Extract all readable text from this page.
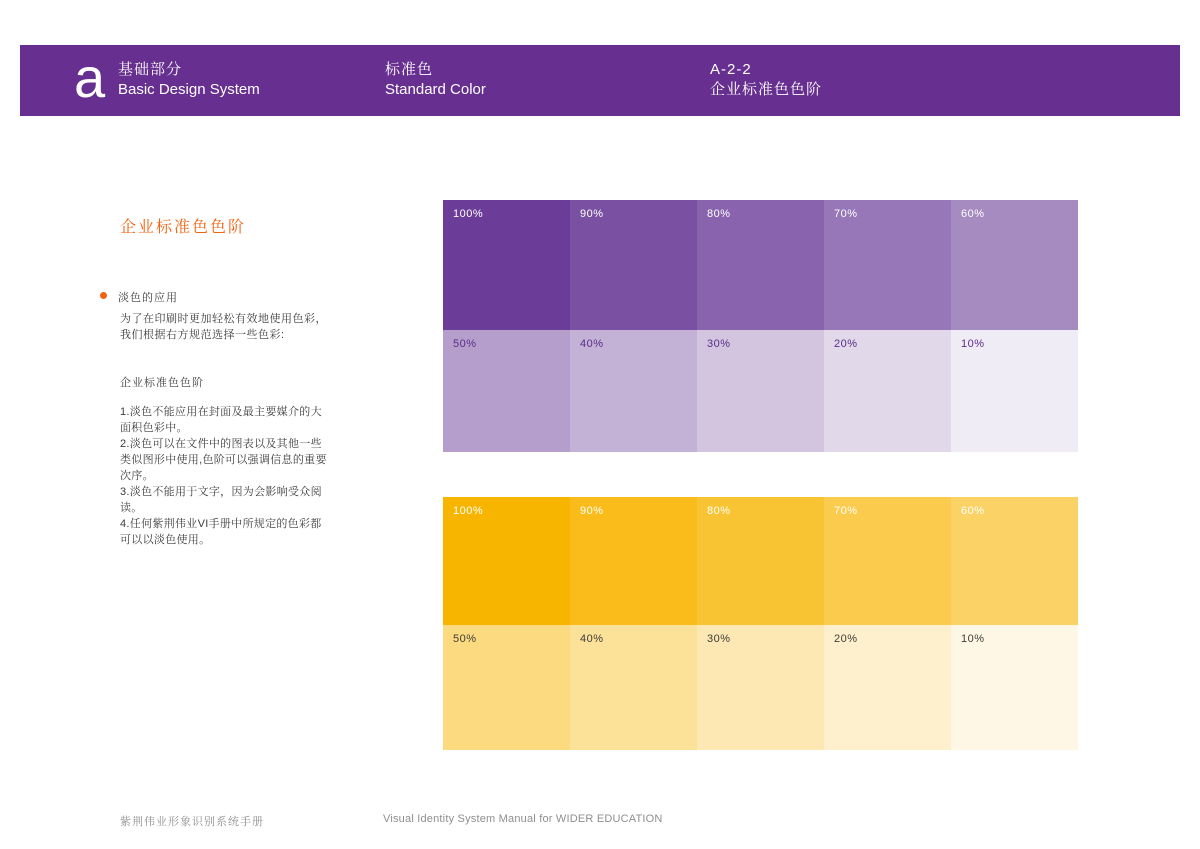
a 基础部分
Basic Design System
标准色
Standard Color
A-2-2
企业标准色色阶
企业标准色色阶
淡色的应用
为了在印刷时更加轻松有效地使用色彩，
我们根据右方规范选择一些色彩:
企业标准色色阶

1.淡色不能应用在封面及最主要媒介的大面积色彩中。

2.淡色可以在文件中的图表以及其他一些类似图形中使用,色阶可以强调信息的重要次序。

3.淡色不能用于文字，因为会影响受众阅读。

4.任何紫荆伟业VI手册中所规定的色彩都可以以淡色使用。

100%	90%	80%	70%	60%
50%	40%	30%	20%	10%
100%	90%	80%	70%	60%
50%	40%	30%	20%	10%
紫荆伟业形象识别系统手册	Visual Identity System Manual for WIDER EDUCATION
